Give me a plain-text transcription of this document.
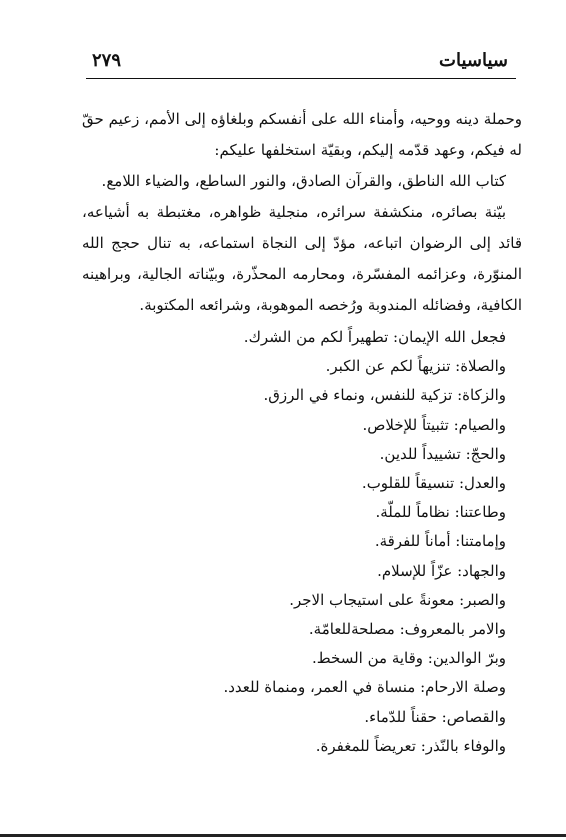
٢٧٩	سياسيات

وحملة دينه ووحيه، وأمناء الله على أنفسكم وبلغاؤه إلى الأمم، زعيم حقّ له فيكم، وعهد قدّمه إليكم، وبقيّة استخلفها عليكم:

كتاب الله الناطق، والقرآن الصادق، والنور الساطع، والضياء اللامع.

بيّنة بصائره، منكشفة سرائره، منجلية ظواهره، مغتبطة به أشياعه، قائد إلى الرضوان اتباعه، مؤدّ إلى النجاة استماعه، به تنال حجج الله المنوّرة، وعزائمه المفسّرة، ومحارمه المحذّرة، وبيّناته الجالية، وبراهينه الكافية، وفضائله المندوبة ورُخصه الموهوبة، وشرائعه المكتوبة.

فجعل الله الإيمان: تطهيراً لكم من الشرك.
والصلاة: تنزيهاً لكم عن الكبر.
والزكاة: تزكية للنفس، ونماء في الرزق.
والصيام: تثبيتاً للإخلاص.
والحجّ: تشييداً للدين.
والعدل: تنسيقاً للقلوب.
وطاعتنا: نظاماً للملّة.
وإمامتنا: أماناً للفرقة.
والجهاد: عزّاً للإسلام.
والصبر: معونةً على استيجاب الاجر.
والامر بالمعروف: مصلحةللعامّة.
وبرّ الوالدين: وقاية من السخط.
وصلة الارحام: منساة في العمر، ومنماة للعدد.
والقصاص: حقناً للدّماء.
والوفاء بالنّذر: تعريضاً للمغفرة.
